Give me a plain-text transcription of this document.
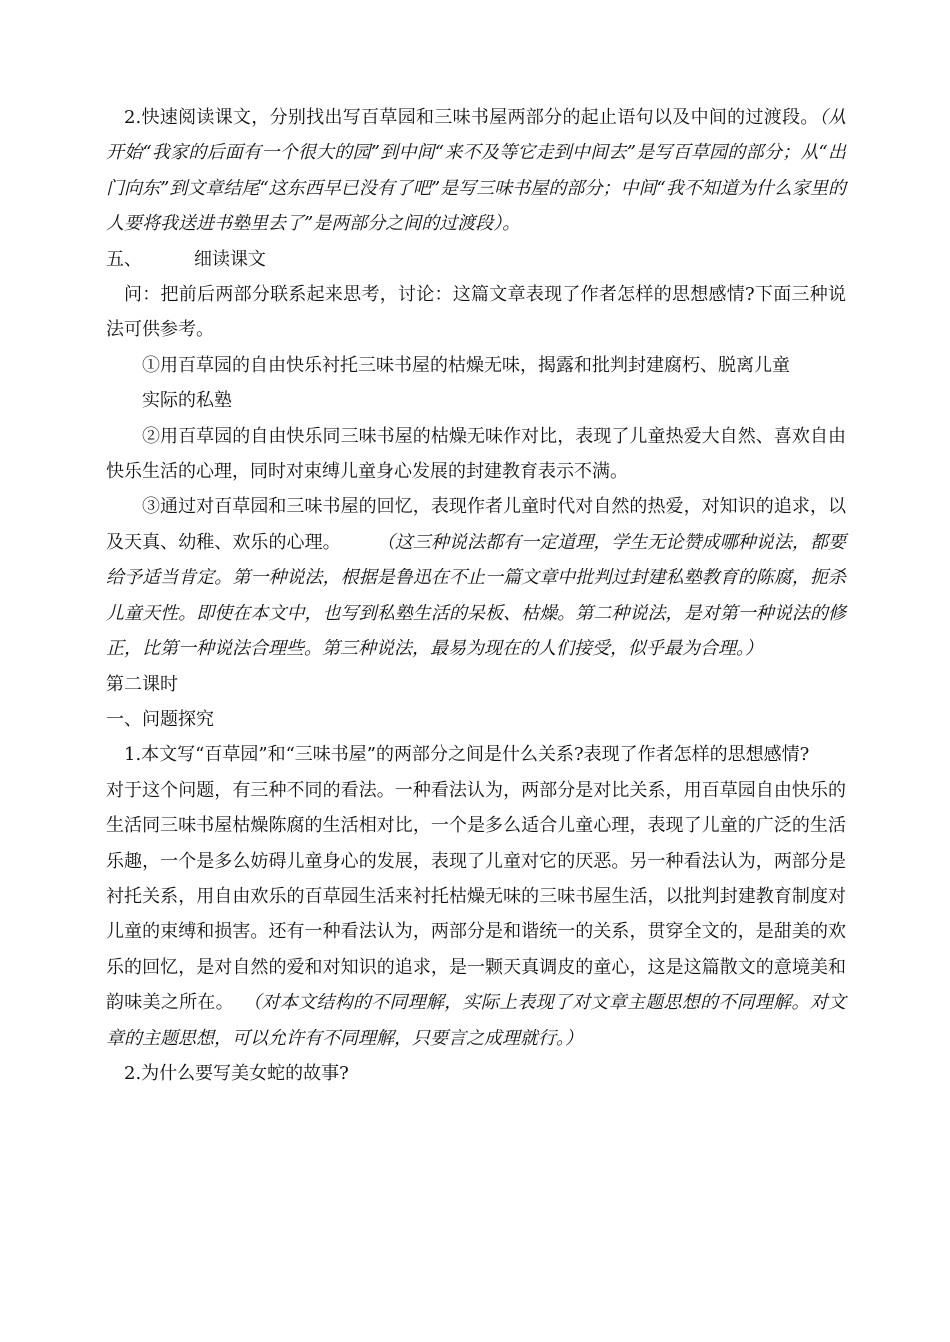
2.快速阅读课文，分别找出写百草园和三味书屋两部分的起止语句以及中间的过渡段。（从开始“我家的后面有一个很大的园”到中间“来不及等它走到中间去”是写百草园的部分；从“出门向东”到文章结尾“这东西早已没有了吧”是写三味书屋的部分；中间“我不知道为什么家里的人要将我送进书塾里去了”是两部分之间的过渡段）。

五、	细读课文

问：把前后两部分联系起来思考，讨论：这篇文章表现了作者怎样的思想感情?下面三种说法可供参考。

①用百草园的自由快乐衬托三味书屋的枯燥无味，揭露和批判封建腐朽、脱离儿童

实际的私塾

②用百草园的自由快乐同三味书屋的枯燥无味作对比，表现了儿童热爱大自然、喜欢自由快乐生活的心理，同时对束缚儿童身心发展的封建教育表示不满。

③通过对百草园和三味书屋的回忆，表现作者儿童时代对自然的热爱，对知识的追求，以及天真、幼稚、欢乐的心理。   （这三种说法都有一定道理，学生无论赞成哪种说法，都要给予适当肯定。第一种说法，根据是鲁迅在不止一篇文章中批判过封建私塾教育的陈腐，扼杀儿童天性。即使在本文中，也写到私塾生活的呆板、枯燥。第二种说法，是对第一种说法的修正，比第一种说法合理些。第三种说法，最易为现在的人们接受，似乎最为合理。）

第二课时

一、问题探究

1.本文写“百草园”和“三味书屋”的两部分之间是什么关系?表现了作者怎样的思想感情?

对于这个问题，有三种不同的看法。一种看法认为，两部分是对比关系，用百草园自由快乐的生活同三味书屋枯燥陈腐的生活相对比，一个是多么适合儿童心理，表现了儿童的广泛的生活乐趣，一个是多么妨碍儿童身心的发展，表现了儿童对它的厌恶。另一种看法认为，两部分是衬托关系，用自由欢乐的百草园生活来衬托枯燥无味的三味书屋生活，以批判封建教育制度对儿童的束缚和损害。还有一种看法认为，两部分是和谐统一的关系，贯穿全文的，是甜美的欢乐的回忆，是对自然的爱和对知识的追求，是一颗天真调皮的童心，这是这篇散文的意境美和韵味美之所在。  （对本文结构的不同理解，实际上表现了对文章主题思想的不同理解。对文章的主题思想，可以允许有不同理解，只要言之成理就行。）

2.为什么要写美女蛇的故事?
